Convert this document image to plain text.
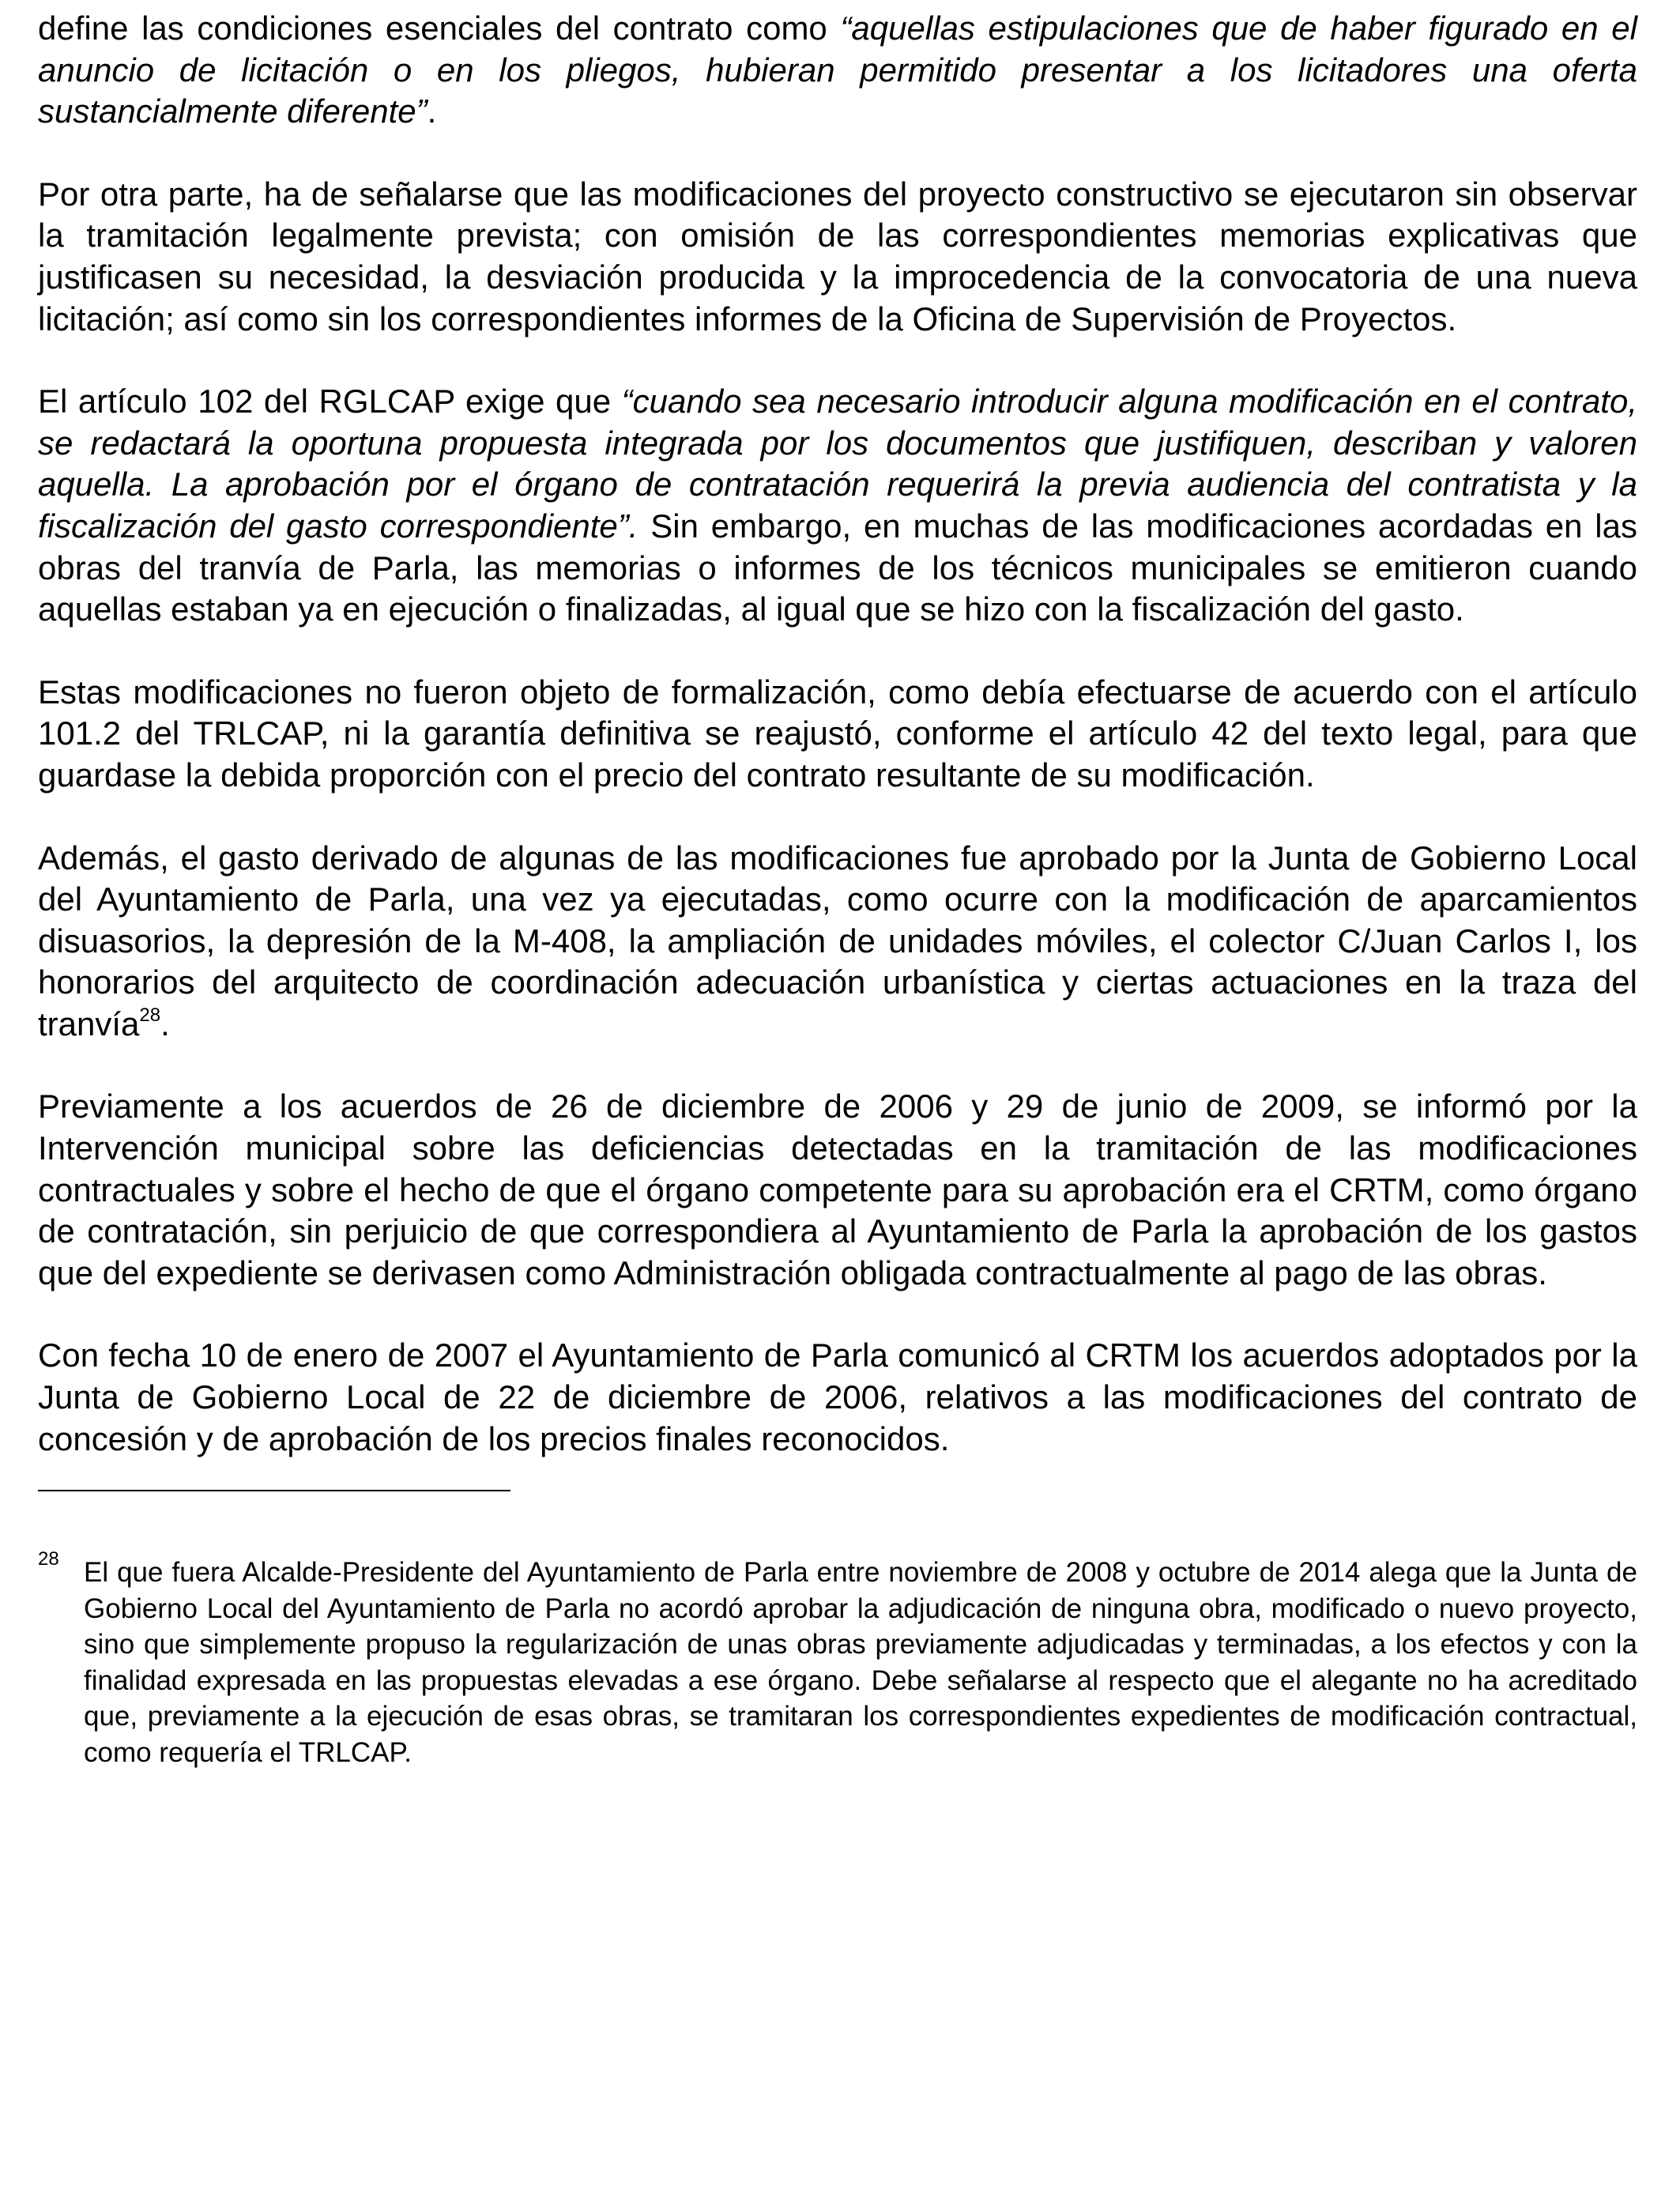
define las condiciones esenciales del contrato como “aquellas estipulaciones que de haber figurado en el anuncio de licitación o en los pliegos, hubieran permitido presentar a los licitadores una oferta sustancialmente diferente”.

Por otra parte, ha de señalarse que las modificaciones del proyecto constructivo se ejecutaron sin observar la tramitación legalmente prevista; con omisión de las correspondientes memorias explicativas que justificasen su necesidad, la desviación producida y la improcedencia de la convocatoria de una nueva licitación; así como sin los correspondientes informes de la Oficina de Supervisión de Proyectos.

El artículo 102 del RGLCAP exige que “cuando sea necesario introducir alguna modificación en el contrato, se redactará la oportuna propuesta integrada por los documentos que justifiquen, describan y valoren aquella. La aprobación por el órgano de contratación requerirá la previa audiencia del contratista y la fiscalización del gasto correspondiente”. Sin embargo, en muchas de las modificaciones acordadas en las obras del tranvía de Parla, las memorias o informes de los técnicos municipales se emitieron cuando aquellas estaban ya en ejecución o finalizadas, al igual que se hizo con la fiscalización del gasto.

Estas modificaciones no fueron objeto de formalización, como debía efectuarse de acuerdo con el artículo 101.2 del TRLCAP, ni la garantía definitiva se reajustó, conforme el artículo 42 del texto legal, para que guardase la debida proporción con el precio del contrato resultante de su modificación.

Además, el gasto derivado de algunas de las modificaciones fue aprobado por la Junta de Gobierno Local del Ayuntamiento de Parla, una vez ya ejecutadas, como ocurre con la modificación de aparcamientos disuasorios, la depresión de la M-408, la ampliación de unidades móviles, el colector C/Juan Carlos I, los honorarios del arquitecto de coordinación adecuación urbanística y ciertas actuaciones en la traza del tranvía$^{28}$.

Previamente a los acuerdos de 26 de diciembre de 2006 y 29 de junio de 2009, se informó por la Intervención municipal sobre las deficiencias detectadas en la tramitación de las modificaciones contractuales y sobre el hecho de que el órgano competente para su aprobación era el CRTM, como órgano de contratación, sin perjuicio de que correspondiera al Ayuntamiento de Parla la aprobación de los gastos que del expediente se derivasen como Administración obligada contractualmente al pago de las obras.

Con fecha 10 de enero de 2007 el Ayuntamiento de Parla comunicó al CRTM los acuerdos adoptados por la Junta de Gobierno Local de 22 de diciembre de 2006, relativos a las modificaciones del contrato de concesión y de aprobación de los precios finales reconocidos.

28 El que fuera Alcalde-Presidente del Ayuntamiento de Parla entre noviembre de 2008 y octubre de 2014 alega que la Junta de Gobierno Local del Ayuntamiento de Parla no acordó aprobar la adjudicación de ninguna obra, modificado o nuevo proyecto, sino que simplemente propuso la regularización de unas obras previamente adjudicadas y terminadas, a los efectos y con la finalidad expresada en las propuestas elevadas a ese órgano. Debe señalarse al respecto que el alegante no ha acreditado que, previamente a la ejecución de esas obras, se tramitaran los correspondientes expedientes de modificación contractual, como requería el TRLCAP.
